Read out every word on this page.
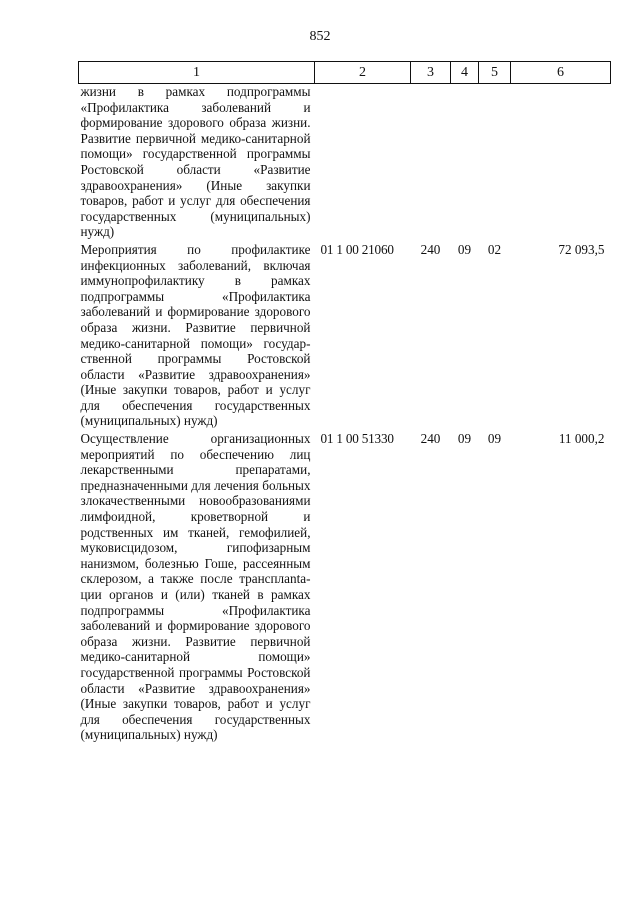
852
1	2	3	4	5	6
жизни в рамках подпрограммы «Профилактика заболеваний и формирование здорового образа жизни. Развитие первичной медико-санитарной помощи» государственной программы Ростовской области «Развитие здравоохранения» (Иные закупки товаров, работ и услуг для обеспечения государственных (муниципальных) нужд)					
Мероприятия по профилактике инфекционных заболеваний, включая иммунопрофилактику в рамках подпрограммы «Профилактика заболеваний и формирование здорового образа жизни. Развитие первичной медико-санитарной помощи» государственной программы Ростовской области «Развитие здравоохранения» (Иные закупки товаров, работ и услуг для обеспечения государственных (муниципальных) нужд)	01 1 00 21060	240	09	02	72 093,5
Осуществление организационных мероприятий по обеспечению лиц лекарственными препаратами, предназначенными для лечения больных злокачественными новообразованиями лимфоидной, кроветворной и родственных им тканей, гемофилией, муковисцидозом, гипофизарным нанизмом, болезнью Гоше, рассеянным склерозом, а также после трансплantaции органов и (или) тканей в рамках подпрограммы «Профилактика заболеваний и формирование здорового образа жизни. Развитие первичной медико-санитарной помощи» государственной программы Ростовской области «Развитие здравоохранения» (Иные закупки товаров, работ и услуг для обеспечения государственных (муниципальных) нужд)	01 1 00 51330	240	09	09	11 000,2
